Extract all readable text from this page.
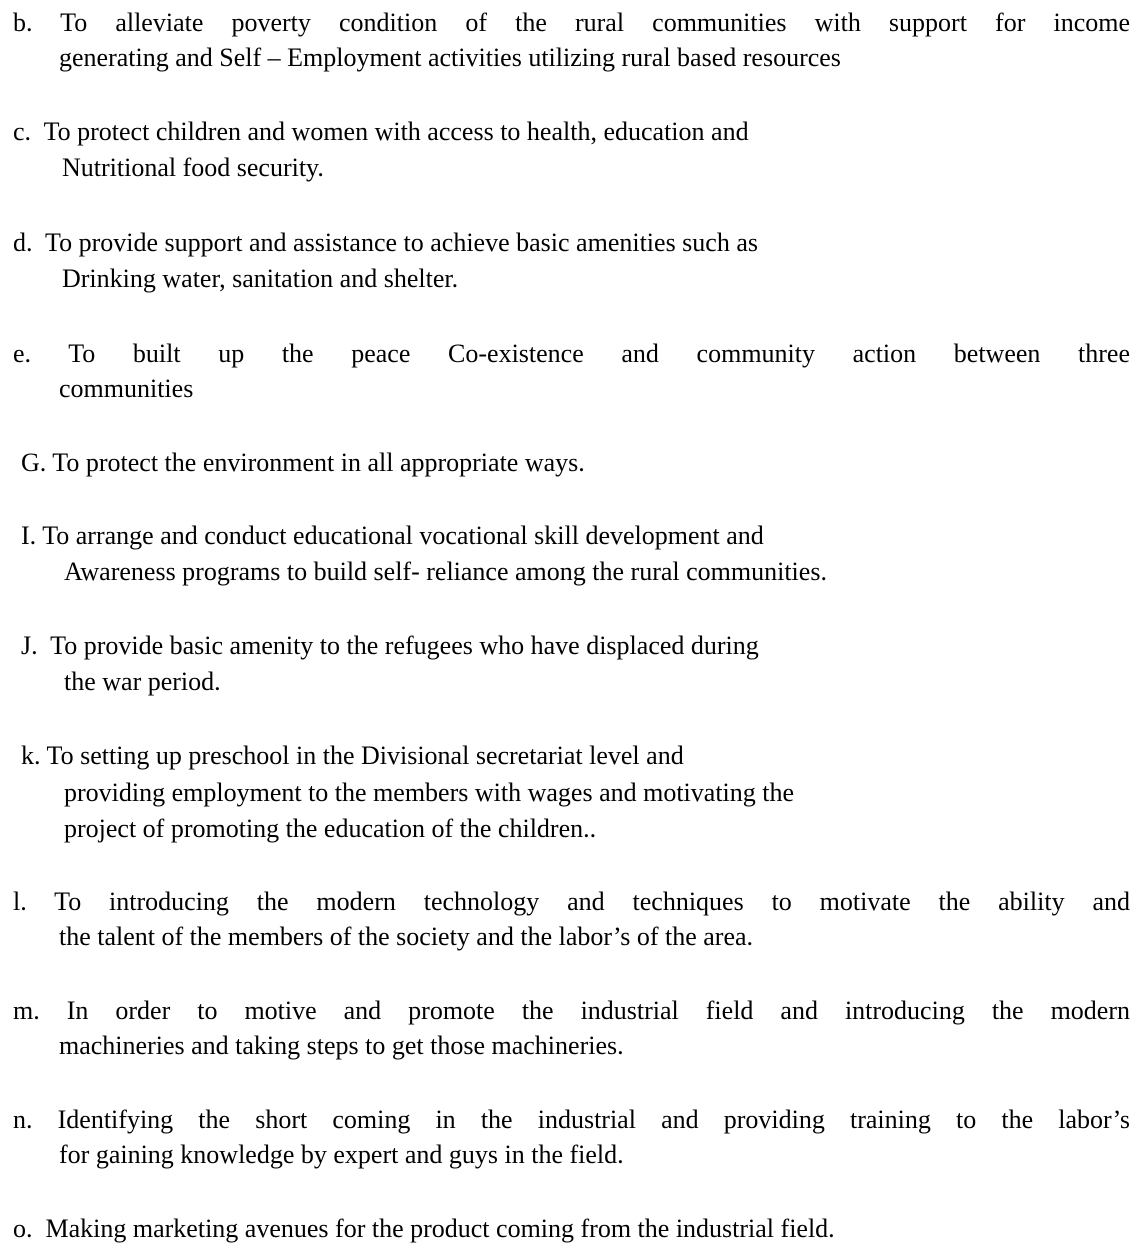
b. To alleviate poverty condition of the rural communities with support for income
generating and Self – Employment activities utilizing rural based resources
c.  To protect children and women with access to health, education and
Nutritional food security.
d.  To provide support and assistance to achieve basic amenities such as
Drinking water, sanitation and shelter.
e. To built up the peace Co-existence and community action between three
communities
G. To protect the environment in all appropriate ways.
I. To arrange and conduct educational vocational skill development and
Awareness programs to build self- reliance among the rural communities.
J.  To provide basic amenity to the refugees who have displaced during
the war period.
k. To setting up preschool in the Divisional secretariat level and
providing employment to the members with wages and motivating the
project of promoting the education of the children..
l. To introducing the modern technology and techniques to motivate the ability and
the talent of the members of the society and the labor’s of the area.
m. In order to motive and promote the industrial field and introducing the modern
machineries and taking steps to get those machineries.
n. Identifying the short coming in the industrial and providing training to the labor’s
for gaining knowledge by expert and guys in the field.
o.  Making marketing avenues for the product coming from the industrial field.
